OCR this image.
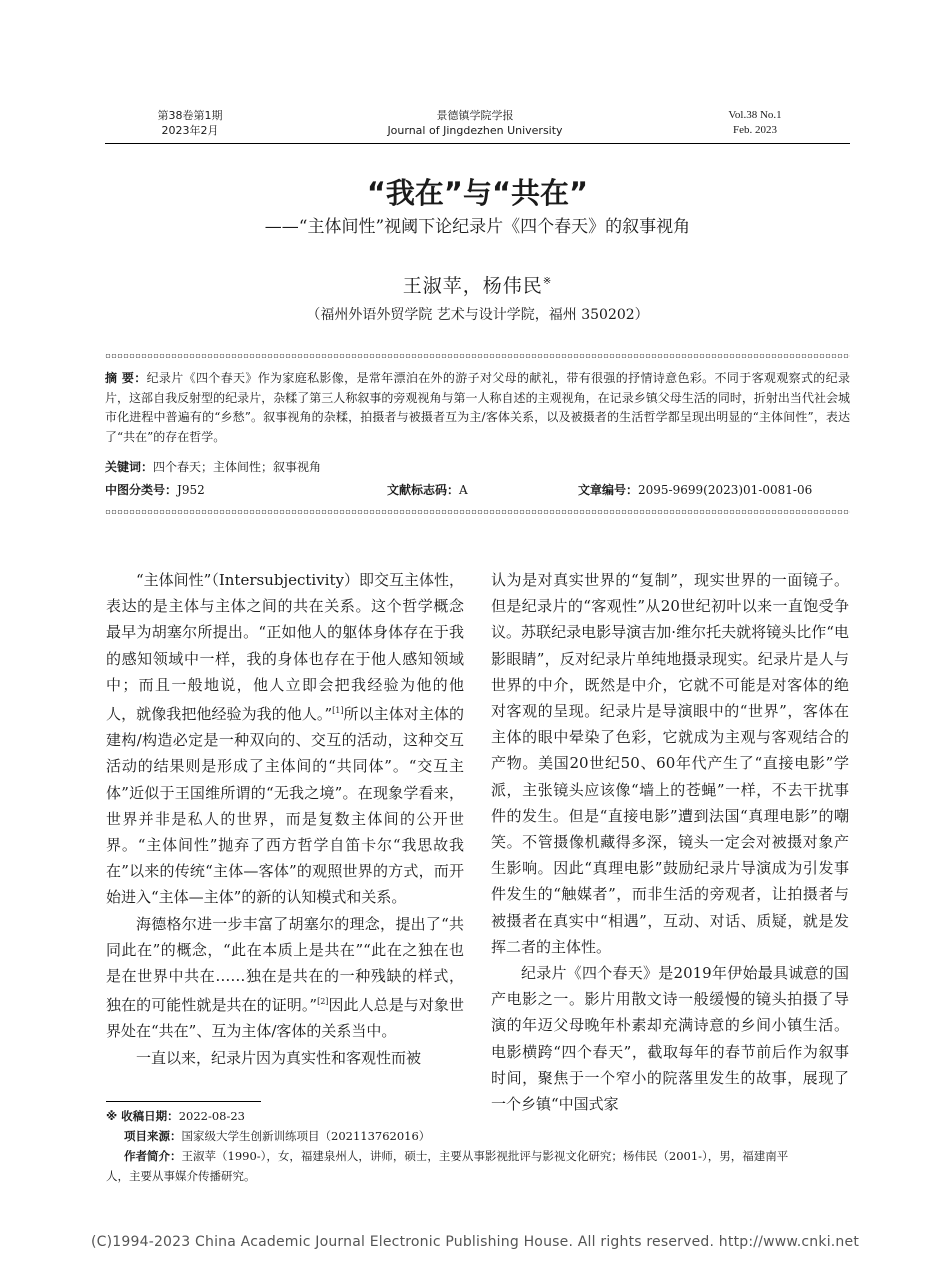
第38卷第1期
2023年2月
景德镇学院学报
Journal of Jingdezhen University
Vol.38 No.1
Feb. 2023
“我在”与“共在”
——“主体间性”视阈下论纪录片《四个春天》的叙事视角
王淑苹，杨伟民※
（福州外语外贸学院 艺术与设计学院，福州 350202）
摘 要：纪录片《四个春天》作为家庭私影像，是常年漂泊在外的游子对父母的献礼，带有很强的抒情诗意色彩。不同于客观观察式的纪录片，这部自我反射型的纪录片，杂糅了第三人称叙事的旁观视角与第一人称自述的主观视角，在记录乡镇父母生活的同时，折射出当代社会城市化进程中普遍有的“乡愁”。叙事视角的杂糅，拍摄者与被摄者互为主/客体关系，以及被摄者的生活哲学都呈现出明显的“主体间性”，表达了“共在”的存在哲学。
关键词：四个春天；主体间性；叙事视角
中图分类号：J952	文献标志码：A	文章编号：2095-9699(2023)01-0081-06

“主体间性”（Intersubjectivity）即交互主体性，表达的是主体与主体之间的共在关系。这个哲学概念最早为胡塞尔所提出。“正如他人的躯体身体存在于我的感知领域中一样，我的身体也存在于他人感知领域中；而且一般地说，他人立即会把我经验为他的他人，就像我把他经验为我的他人。”[1]所以主体对主体的建构/构造必定是一种双向的、交互的活动，这种交互活动的结果则是形成了主体间的“共同体”。“交互主体”近似于王国维所谓的“无我之境”。在现象学看来，世界并非是私人的世界，而是复数主体间的公开世界。“主体间性”抛弃了西方哲学自笛卡尔“我思故我在”以来的传统“主体—客体”的观照世界的方式，而开始进入“主体—主体”的新的认知模式和关系。

海德格尔进一步丰富了胡塞尔的理念，提出了“共同此在”的概念，“此在本质上是共在”“此在之独在也是在世界中共在……独在是共在的一种残缺的样式，独在的可能性就是共在的证明。”[2]因此人总是与对象世界处在“共在”、互为主体/客体的关系当中。

一直以来，纪录片因为真实性和客观性而被

认为是对真实世界的“复制”，现实世界的一面镜子。但是纪录片的“客观性”从20世纪初叶以来一直饱受争议。苏联纪录电影导演吉加·维尔托夫就将镜头比作“电影眼睛”，反对纪录片单纯地摄录现实。纪录片是人与世界的中介，既然是中介，它就不可能是对客体的绝对客观的呈现。纪录片是导演眼中的“世界”，客体在主体的眼中晕染了色彩，它就成为主观与客观结合的产物。美国20世纪50、60年代产生了“直接电影”学派，主张镜头应该像“墙上的苍蝇”一样，不去干扰事件的发生。但是“直接电影”遭到法国“真理电影”的嘲笑。不管摄像机藏得多深，镜头一定会对被摄对象产生影响。因此“真理电影”鼓励纪录片导演成为引发事件发生的“触媒者”，而非生活的旁观者，让拍摄者与被摄者在真实中“相遇”，互动、对话、质疑，就是发挥二者的主体性。

纪录片《四个春天》是2019年伊始最具诚意的国产电影之一。影片用散文诗一般缓慢的镜头拍摄了导演的年迈父母晚年朴素却充满诗意的乡间小镇生活。电影横跨“四个春天”，截取每年的春节前后作为叙事时间，聚焦于一个窄小的院落里发生的故事，展现了一个乡镇“中国式家

※ 收稿日期：2022-08-23
项目来源：国家级大学生创新训练项目（202113762016）
作者简介：王淑苹（1990-），女，福建泉州人，讲师，硕士，主要从事影视批评与影视文化研究；杨伟民（2001-），男，福建南平
人，主要从事媒介传播研究。
(C)1994-2023 China Academic Journal Electronic Publishing House. All rights reserved. http://www.cnki.net
